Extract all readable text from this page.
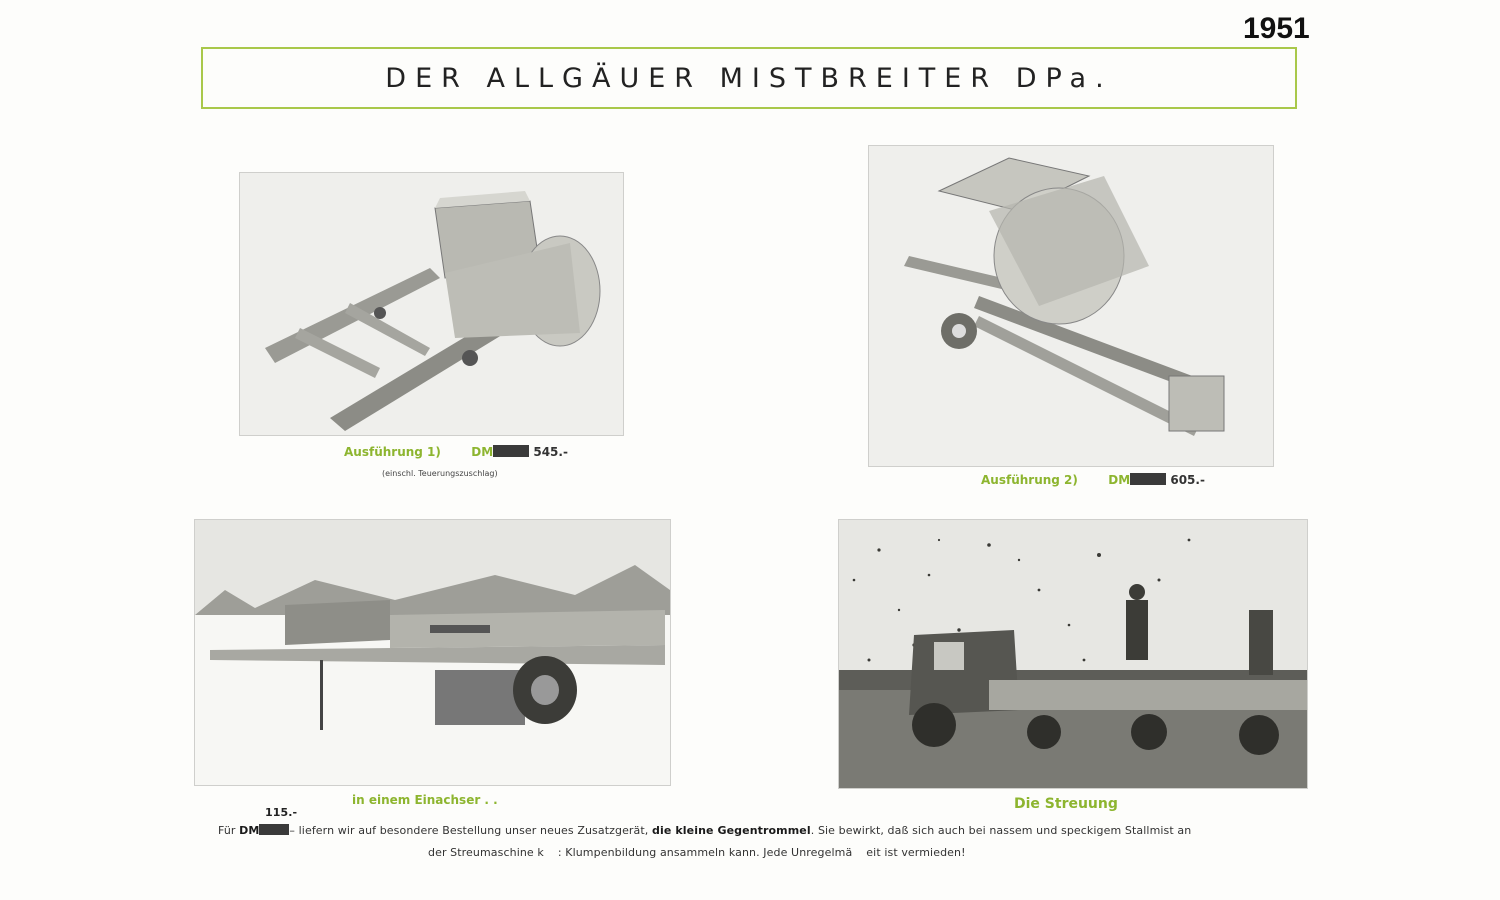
1951
DER ALLGÄUER MISTBREITER DPa.
Ausführung 1)	DM	545.-
(einschl. Teuerungszuschlag)	Ausführung 2)	DM	605.-
in einem Einachser . .	Die Streuung
115.-
Für DM	– liefern wir auf besondere Bestellung unser neues Zusatzgerät, die kleine Gegentrommel. Sie bewirkt, daß sich auch bei nassem und speckigem Stallmist an
der Streumaschine k : Klumpenbildung ansammeln kann. Jede Unregelmä eit ist vermieden!
